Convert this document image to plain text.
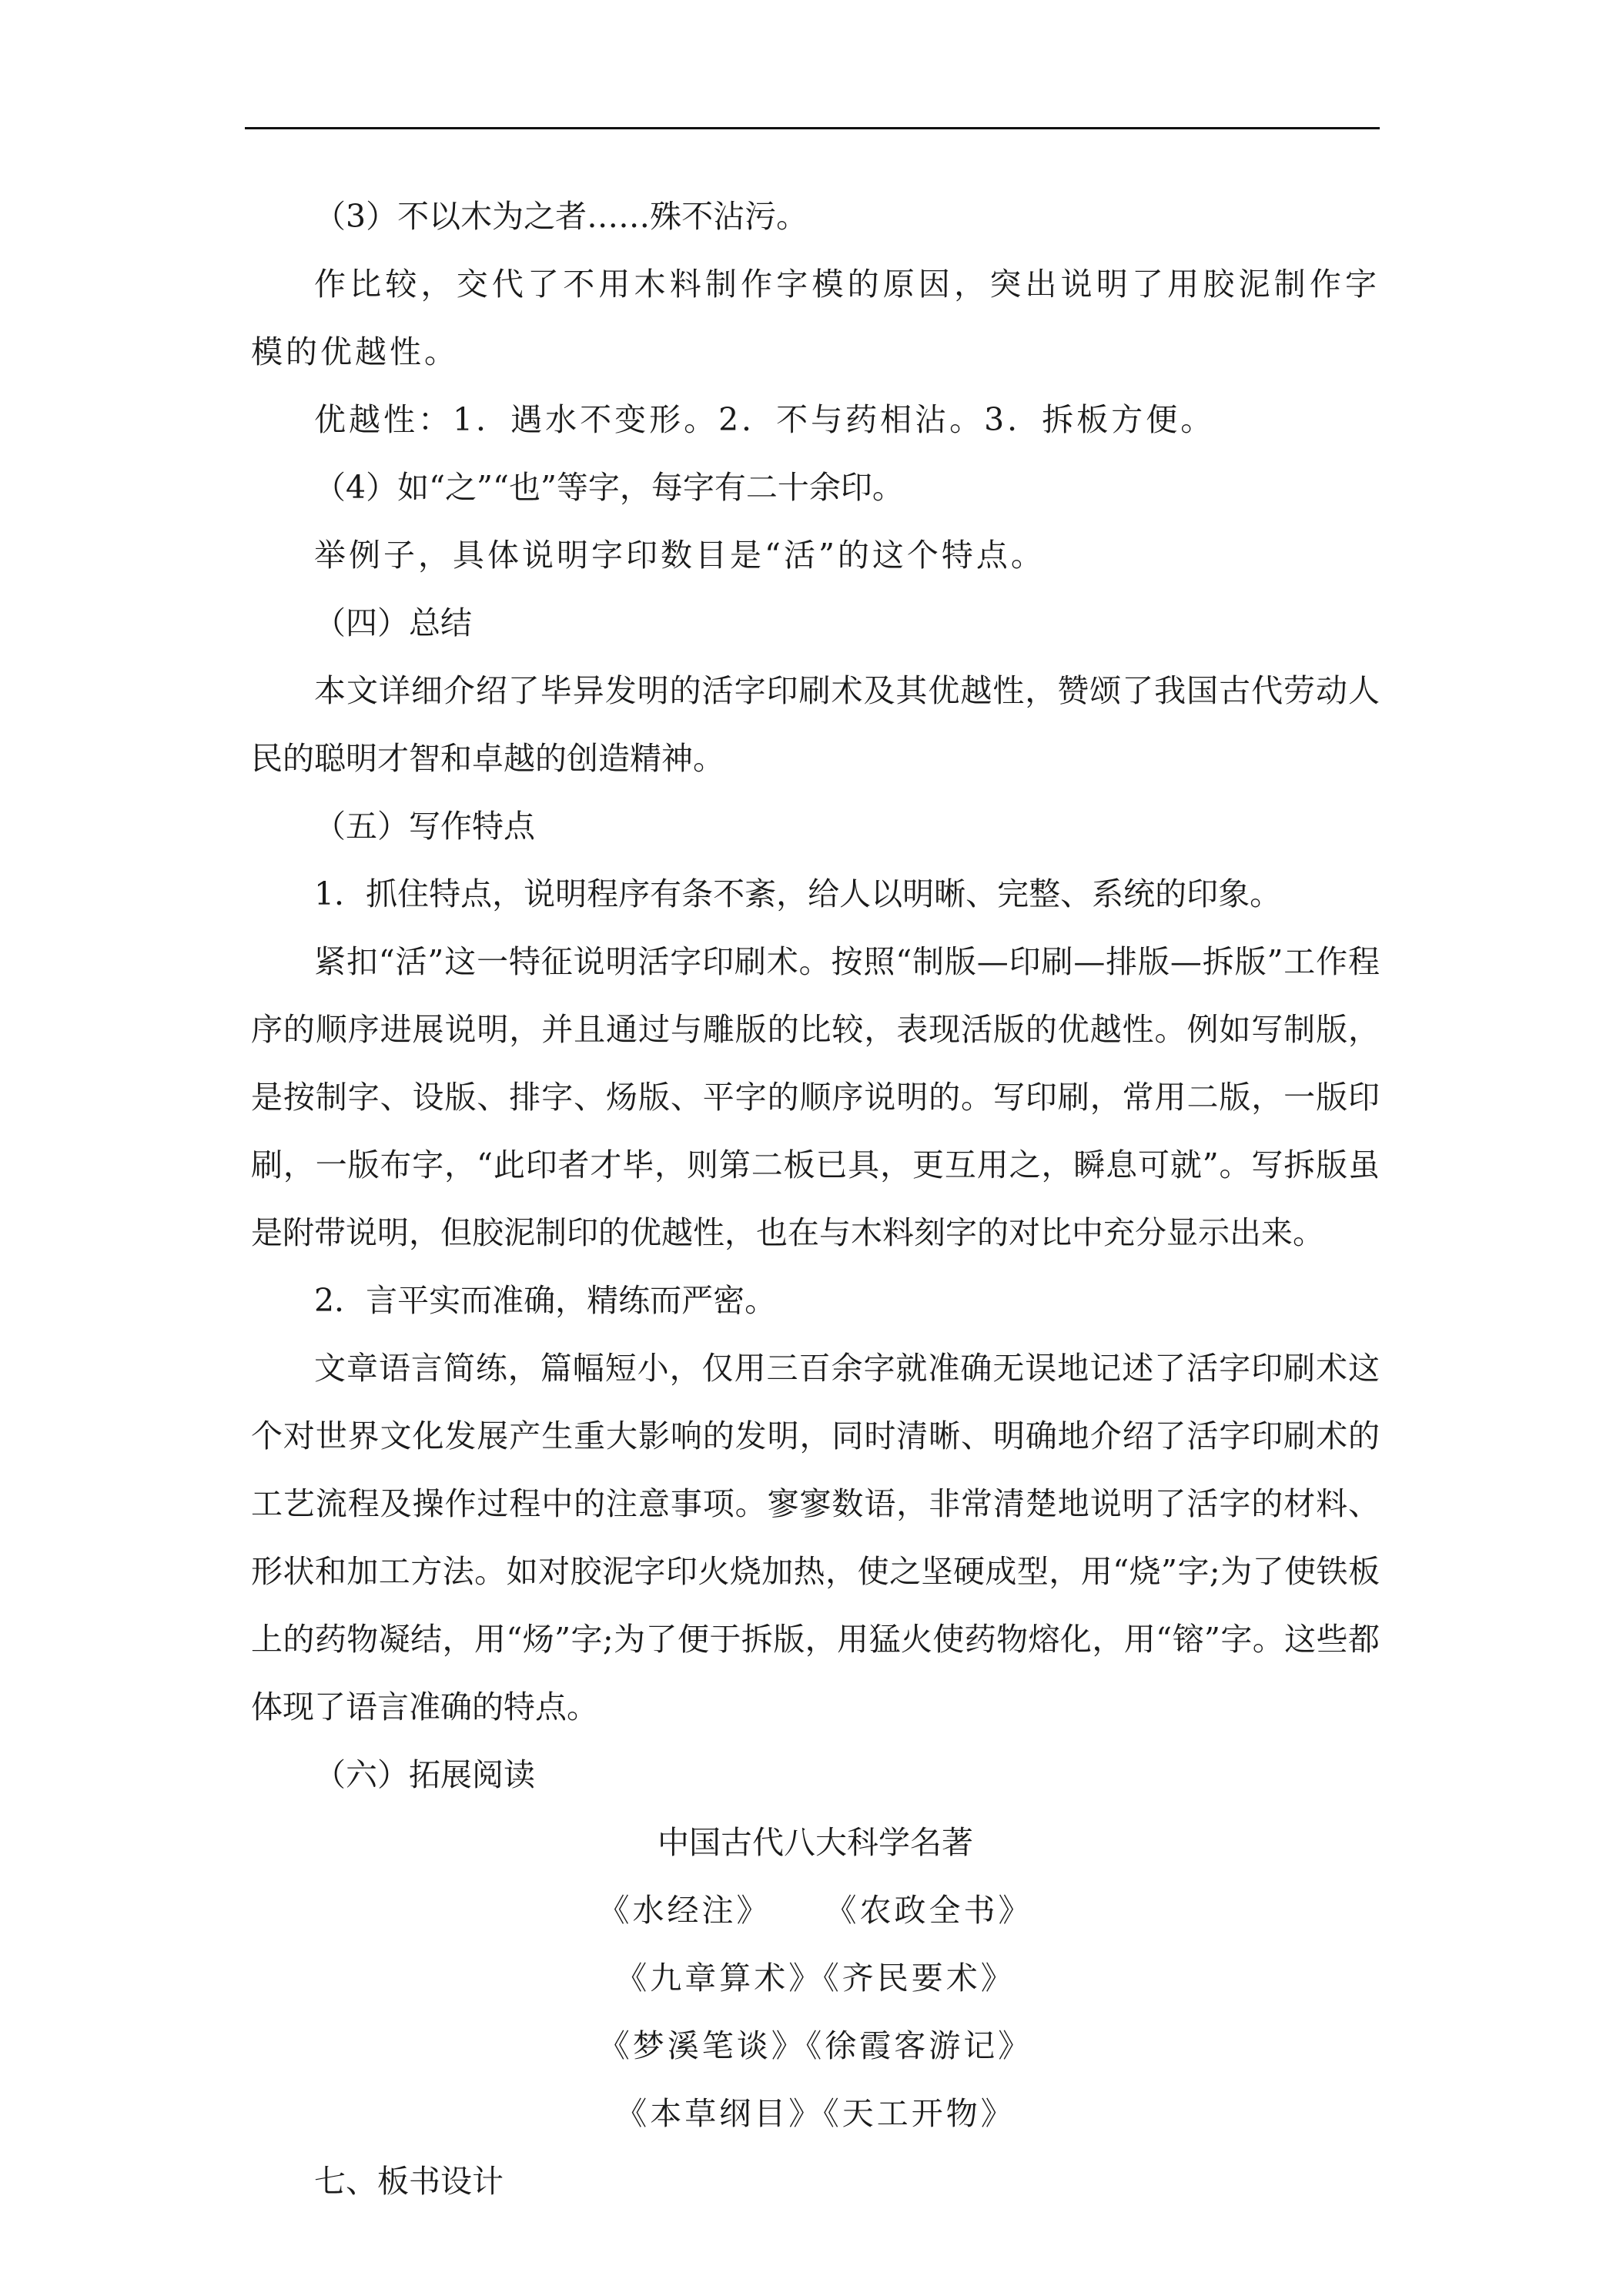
（3）不以木为之者……殊不沾污。

作比较，交代了不用木料制作字模的原因，突出说明了用胶泥制作字模的优越性。

优越性：1．遇水不变形。2．不与药相沾。3．拆板方便。

（4）如“之”“也”等字，每字有二十余印。

举例子，具体说明字印数目是“活”的这个特点。

（四）总结

本文详细介绍了毕异发明的活字印刷术及其优越性，赞颂了我国古代劳动人民的聪明才智和卓越的创造精神。

（五）写作特点

1．抓住特点，说明程序有条不紊，给人以明晰、完整、系统的印象。

紧扣“活”这一特征说明活字印刷术。按照“制版—印刷—排版—拆版”工作程序的顺序进展说明，并且通过与雕版的比较，表现活版的优越性。例如写制版，是按制字、设版、排字、炀版、平字的顺序说明的。写印刷，常用二版，一版印刷，一版布字，“此印者才毕，则第二板已具，更互用之，瞬息可就”。写拆版虽是附带说明，但胶泥制印的优越性，也在与木料刻字的对比中充分显示出来。

2．言平实而准确，精练而严密。

文章语言简练，篇幅短小，仅用三百余字就准确无误地记述了活字印刷术这个对世界文化发展产生重大影响的发明，同时清晰、明确地介绍了活字印刷术的工艺流程及操作过程中的注意事项。寥寥数语，非常清楚地说明了活字的材料、形状和加工方法。如对胶泥字印火烧加热，使之坚硬成型，用“烧”字;为了使铁板上的药物凝结，用“炀”字;为了便于拆版，用猛火使药物熔化，用“镕”字。这些都体现了语言准确的特点。

（六）拓展阅读

中国古代八大科学名著

《水经注》 《农政全书》

《九章算术》《齐民要术》

《梦溪笔谈》《徐霞客游记》

《本草纲目》《天工开物》

七、板书设计
